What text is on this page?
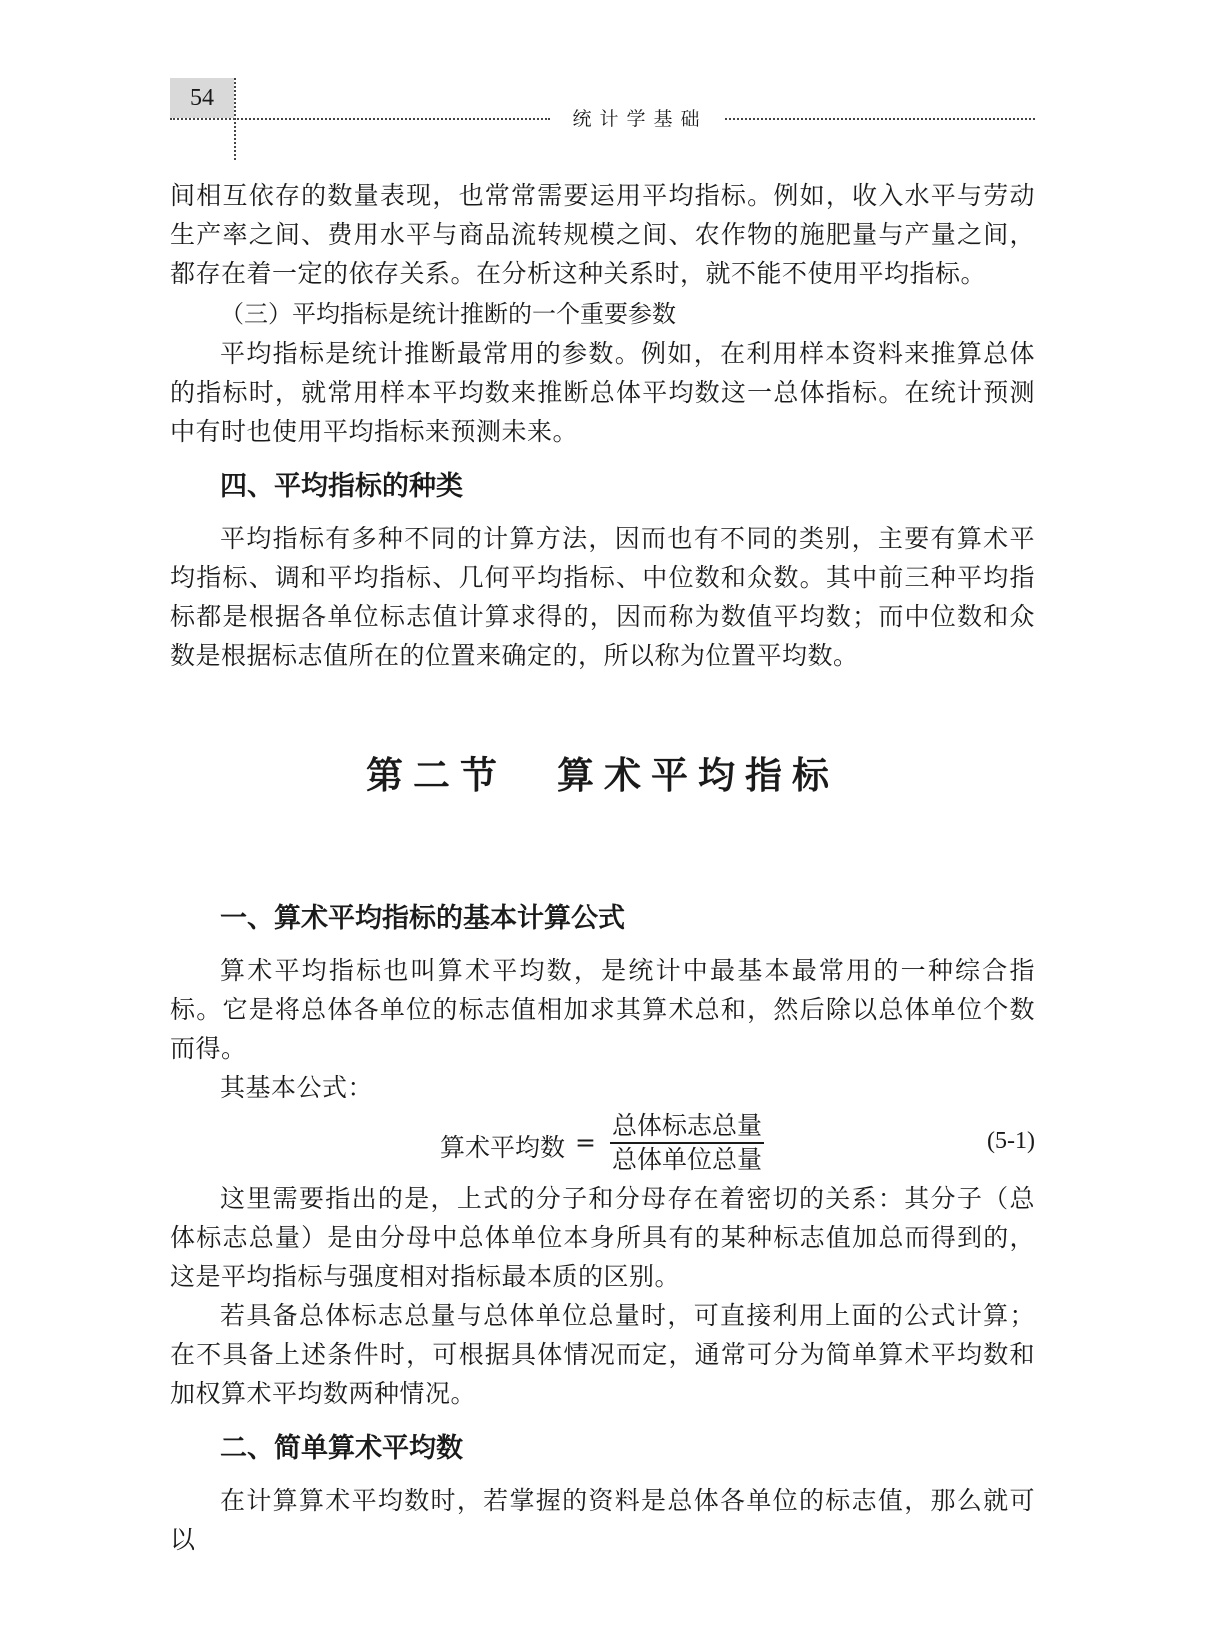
54
统计学基础

间相互依存的数量表现，也常常需要运用平均指标。例如，收入水平与劳动生产率之间、费用水平与商品流转规模之间、农作物的施肥量与产量之间，都存在着一定的依存关系。在分析这种关系时，就不能不使用平均指标。

（三）平均指标是统计推断的一个重要参数

平均指标是统计推断最常用的参数。例如，在利用样本资料来推算总体的指标时，就常用样本平均数来推断总体平均数这一总体指标。在统计预测中有时也使用平均指标来预测未来。

四、平均指标的种类

平均指标有多种不同的计算方法，因而也有不同的类别，主要有算术平均指标、调和平均指标、几何平均指标、中位数和众数。其中前三种平均指标都是根据各单位标志值计算求得的，因而称为数值平均数；而中位数和众数是根据标志值所在的位置来确定的，所以称为位置平均数。

第二节 算术平均指标
一、算术平均指标的基本计算公式

算术平均指标也叫算术平均数，是统计中最基本最常用的一种综合指标。它是将总体各单位的标志值相加求其算术总和，然后除以总体单位个数而得。

其基本公式：

算术平均数 =
总体标志总量
总体单位总量
(5-1)

这里需要指出的是，上式的分子和分母存在着密切的关系：其分子（总体标志总量）是由分母中总体单位本身所具有的某种标志值加总而得到的，这是平均指标与强度相对指标最本质的区别。

若具备总体标志总量与总体单位总量时，可直接利用上面的公式计算；在不具备上述条件时，可根据具体情况而定，通常可分为简单算术平均数和加权算术平均数两种情况。

二、简单算术平均数

在计算算术平均数时，若掌握的资料是总体各单位的标志值，那么就可以
